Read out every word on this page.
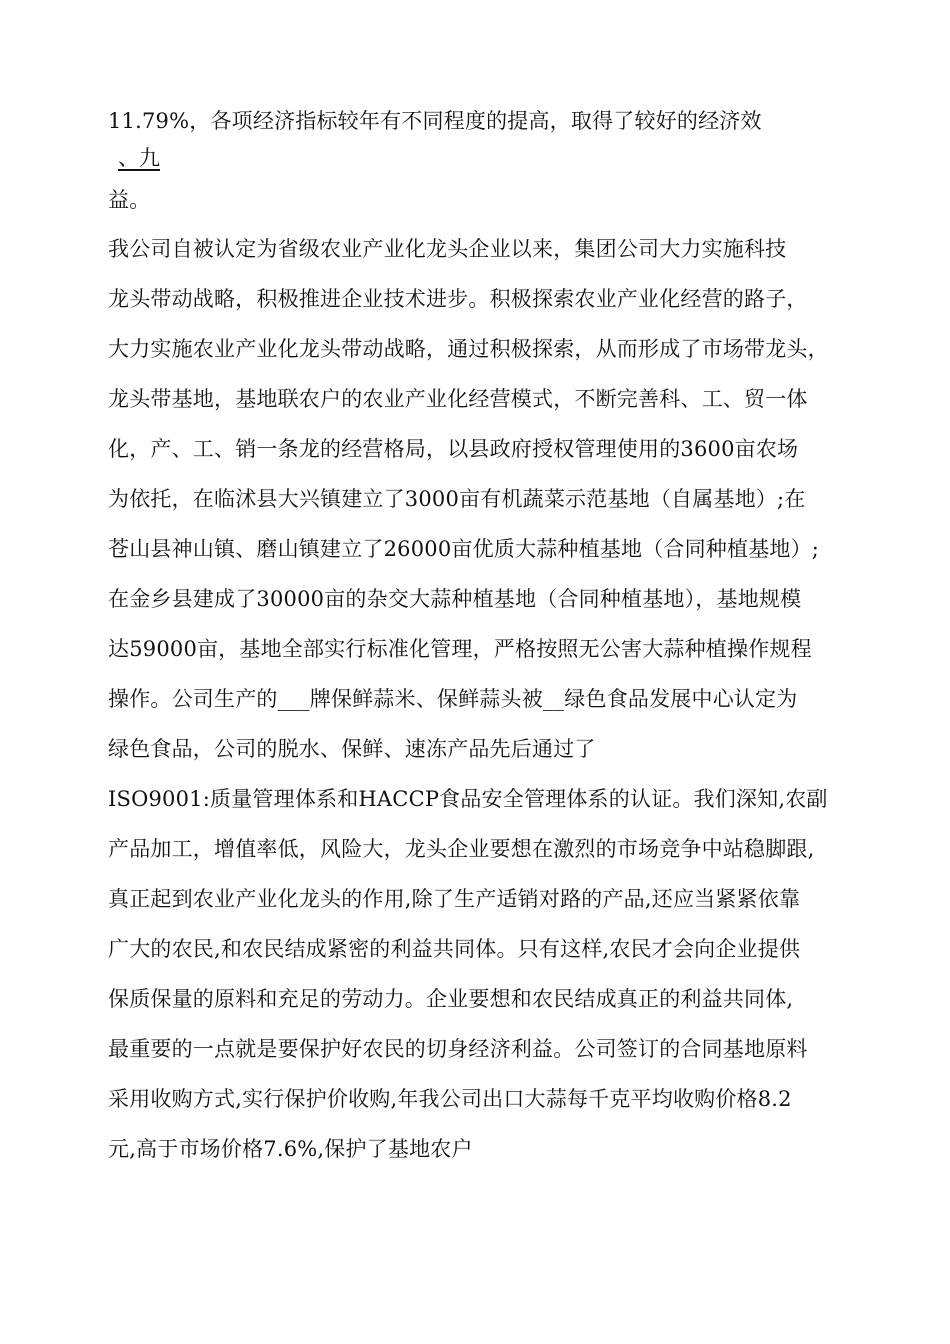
11.79%，各项经济指标较年有不同程度的提高，取得了较好的经济效
、九
益。
我公司自被认定为省级农业产业化龙头企业以来，集团公司大力实施科技
龙头带动战略，积极推进企业技术进步。积极探索农业产业化经营的路子，
大力实施农业产业化龙头带动战略，通过积极探索，从而形成了市场带龙头，
龙头带基地，基地联农户的农业产业化经营模式，不断完善科、工、贸一体
化，产、工、销一条龙的经营格局，以县政府授权管理使用的3600亩农场
为依托，在临沭县大兴镇建立了3000亩有机蔬菜示范基地（自属基地）;在
苍山县神山镇、磨山镇建立了26000亩优质大蒜种植基地（合同种植基地）;
在金乡县建成了30000亩的杂交大蒜种植基地（合同种植基地），基地规模
达59000亩，基地全部实行标准化管理，严格按照无公害大蒜种植操作规程
操作。公司生产的___牌保鲜蒜米、保鲜蒜头被__绿色食品发展中心认定为
绿色食品，公司的脱水、保鲜、速冻产品先后通过了
ISO9001:质量管理体系和HACCP食品安全管理体系的认证。我们深知,农副
产品加工，增值率低，风险大，龙头企业要想在激烈的市场竞争中站稳脚跟,
真正起到农业产业化龙头的作用,除了生产适销对路的产品,还应当紧紧依靠
广大的农民,和农民结成紧密的利益共同体。只有这样,农民才会向企业提供
保质保量的原料和充足的劳动力。企业要想和农民结成真正的利益共同体,
最重要的一点就是要保护好农民的切身经济利益。公司签订的合同基地原料
采用收购方式,实行保护价收购,年我公司出口大蒜每千克平均收购价格8.2
元,高于市场价格7.6%,保护了基地农户
